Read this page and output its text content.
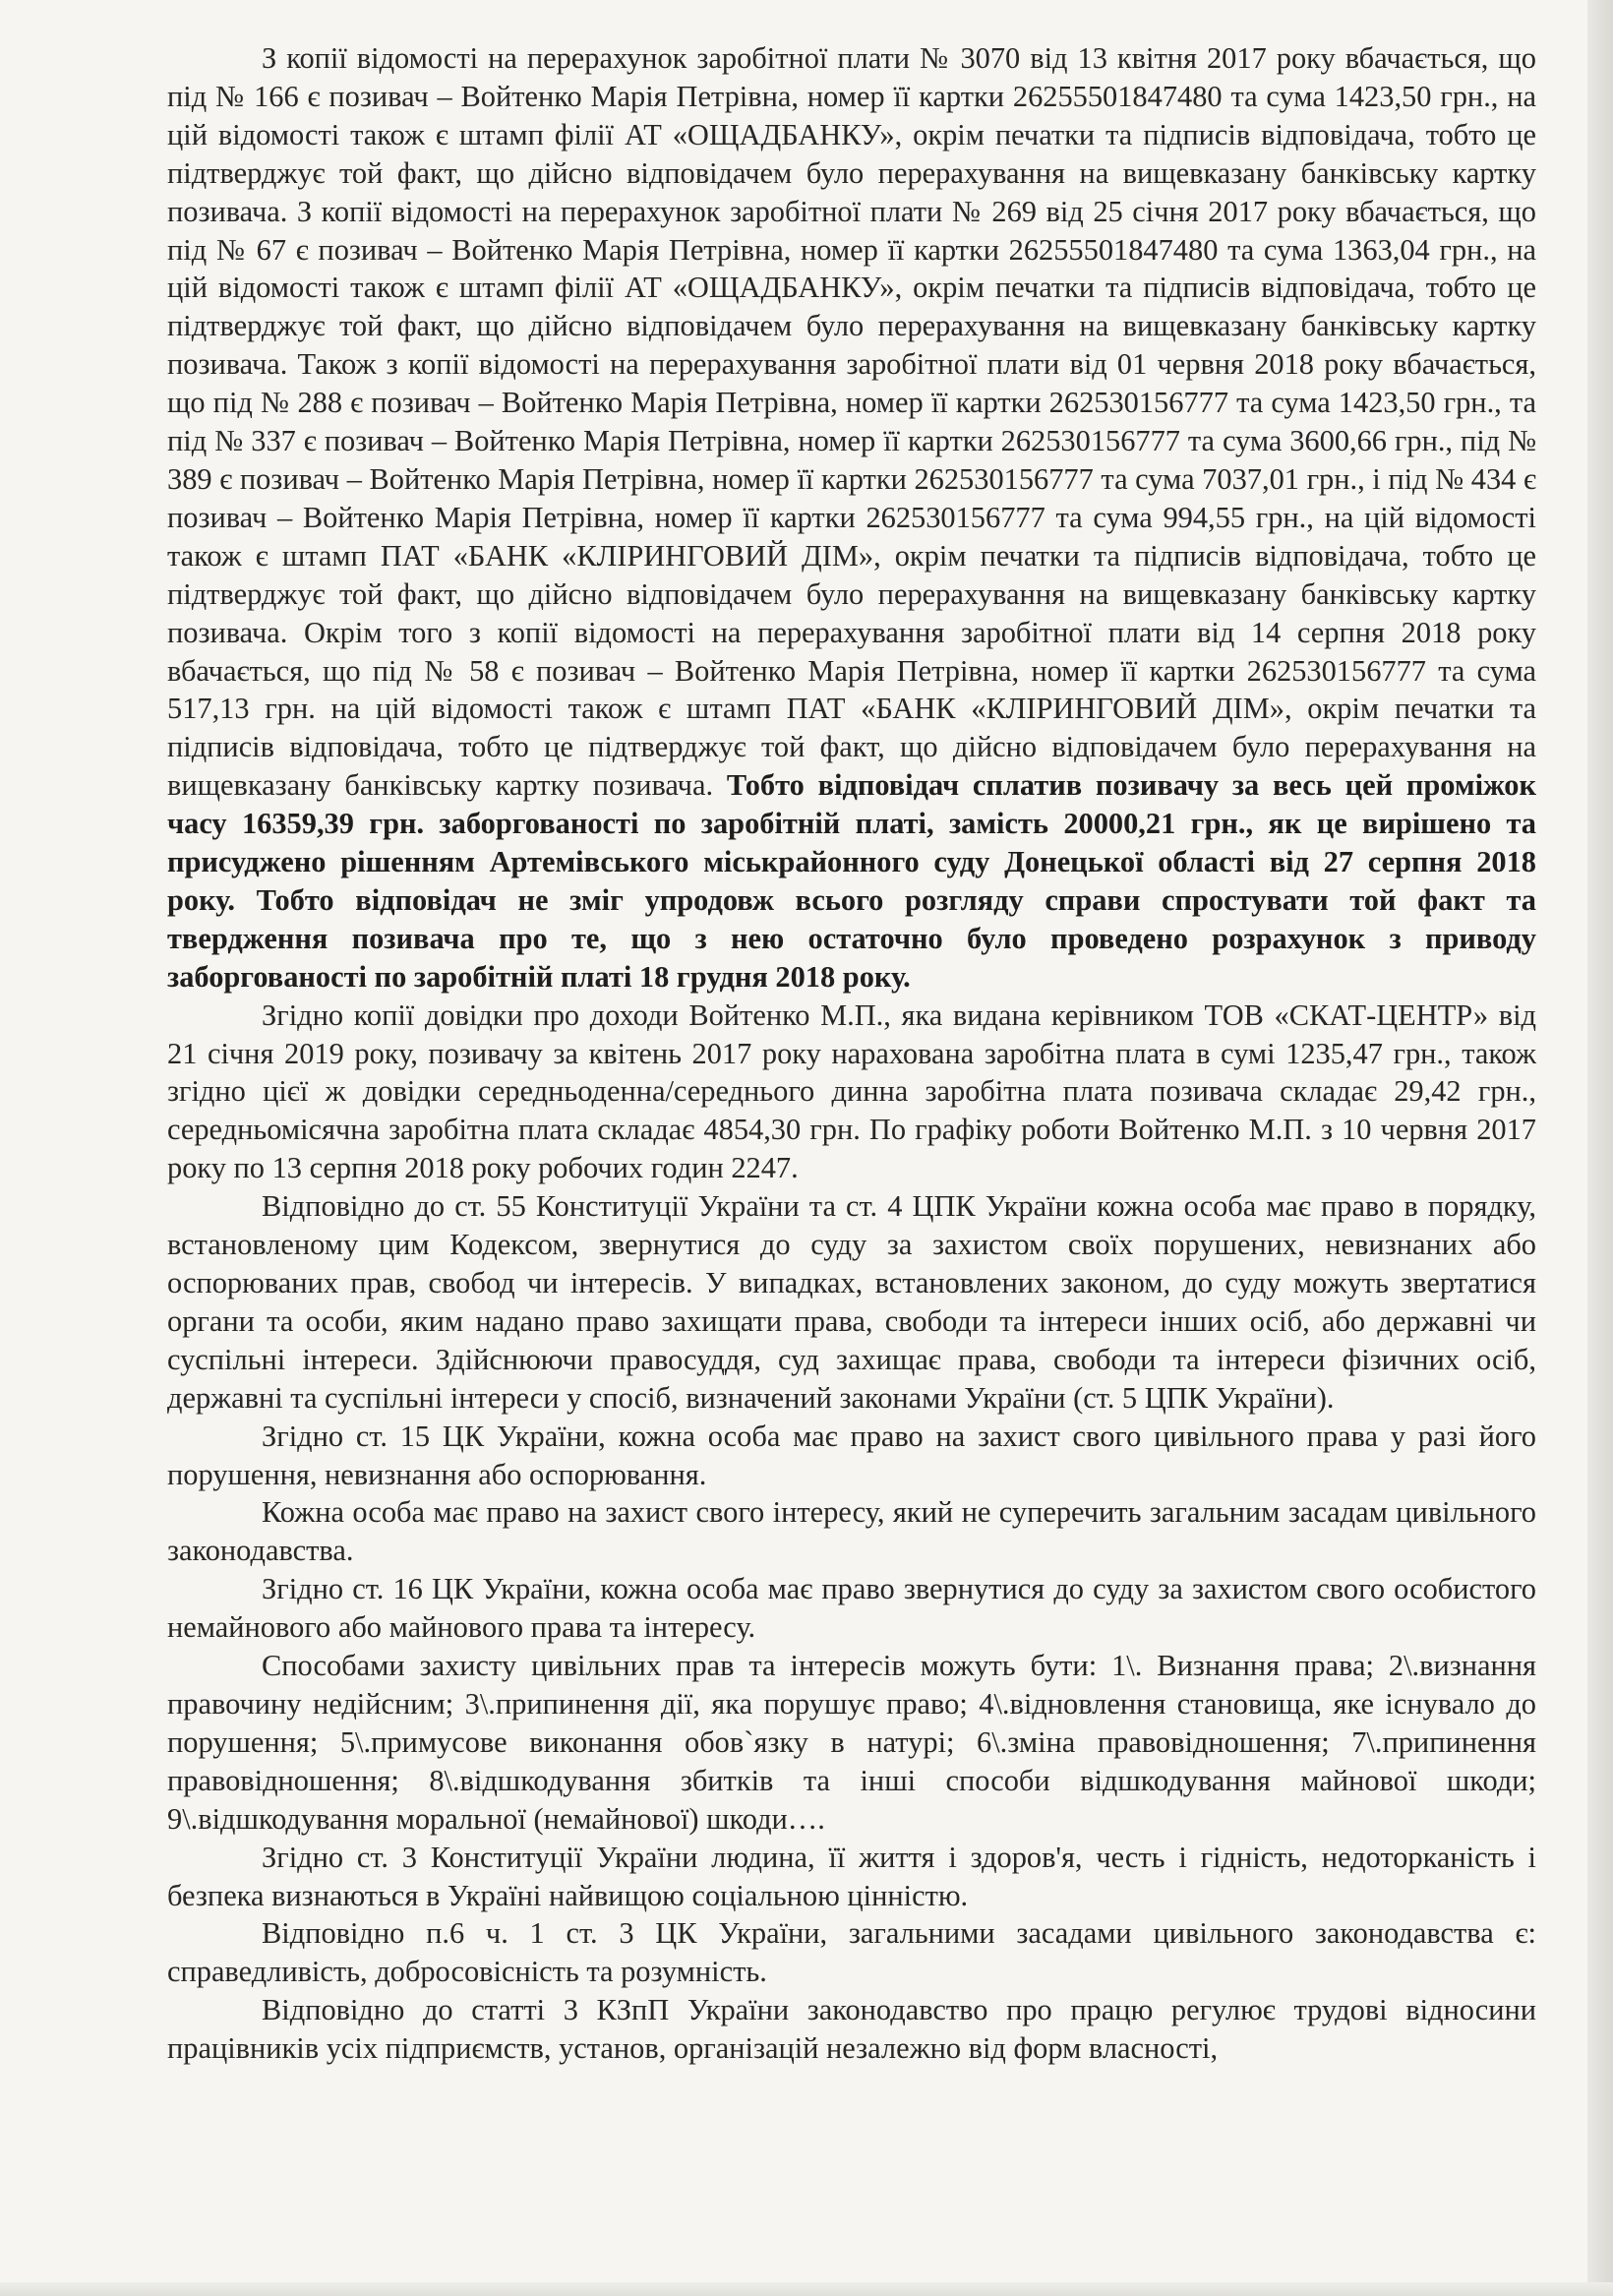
З копії відомості на перерахунок заробітної плати № 3070 від 13 квітня 2017 року вбачається, що під № 166 є позивач – Войтенко Марія Петрівна, номер її картки 26255501847480 та сума 1423,50 грн., на цій відомості також є штамп філії АТ «ОЩАДБАНКУ», окрім печатки та підписів відповідача, тобто це підтверджує той факт, що дійсно відповідачем було перерахування на вищевказану банківську картку позивача. З копії відомості на перерахунок заробітної плати № 269 від 25 січня 2017 року вбачається, що під № 67 є позивач – Войтенко Марія Петрівна, номер її картки 26255501847480 та сума 1363,04 грн., на цій відомості також є штамп філії АТ «ОЩАДБАНКУ», окрім печатки та підписів відповідача, тобто це підтверджує той факт, що дійсно відповідачем було перерахування на вищевказану банківську картку позивача. Також з копії відомості на перерахування заробітної плати від 01 червня 2018 року вбачається, що під № 288 є позивач – Войтенко Марія Петрівна, номер її картки 262530156777 та сума 1423,50 грн., та під № 337 є позивач – Войтенко Марія Петрівна, номер її картки 262530156777 та сума 3600,66 грн., під № 389 є позивач – Войтенко Марія Петрівна, номер її картки 262530156777 та сума 7037,01 грн., і під № 434 є позивач – Войтенко Марія Петрівна, номер її картки 262530156777 та сума 994,55 грн., на цій відомості також є штамп ПАТ «БАНК «КЛІРИНГОВИЙ ДІМ», окрім печатки та підписів відповідача, тобто це підтверджує той факт, що дійсно відповідачем було перерахування на вищевказану банківську картку позивача. Окрім того з копії відомості на перерахування заробітної плати від 14 серпня 2018 року вбачається, що під № 58 є позивач – Войтенко Марія Петрівна, номер її картки 262530156777 та сума 517,13 грн. на цій відомості також є штамп ПАТ «БАНК «КЛІРИНГОВИЙ ДІМ», окрім печатки та підписів відповідача, тобто це підтверджує той факт, що дійсно відповідачем було перерахування на вищевказану банківську картку позивача. Тобто відповідач сплатив позивачу за весь цей проміжок часу 16359,39 грн. заборгованості по заробітній платі, замість 20000,21 грн., як це вирішено та присуджено рішенням Артемівського міськрайонного суду Донецької області від 27 серпня 2018 року. Тобто відповідач не зміг упродовж всього розгляду справи спростувати той факт та твердження позивача про те, що з нею остаточно було проведено розрахунок з приводу заборгованості по заробітній платі 18 грудня 2018 року.

Згідно копії довідки про доходи Войтенко М.П., яка видана керівником ТОВ «СКАТ-ЦЕНТР» від 21 січня 2019 року, позивачу за квітень 2017 року нарахована заробітна плата в сумі 1235,47 грн., також згідно цієї ж довідки середньоденна/середнього динна заробітна плата позивача складає 29,42 грн., середньомісячна заробітна плата складає 4854,30 грн. По графіку роботи Войтенко М.П. з 10 червня 2017 року по 13 серпня 2018 року робочих годин 2247.

Відповідно до ст. 55 Конституції України та ст. 4 ЦПК України кожна особа має право в порядку, встановленому цим Кодексом, звернутися до суду за захистом своїх порушених, невизнаних або оспорюваних прав, свобод чи інтересів. У випадках, встановлених законом, до суду можуть звертатися органи та особи, яким надано право захищати права, свободи та інтереси інших осіб, або державні чи суспільні інтереси. Здійснюючи правосуддя, суд захищає права, свободи та інтереси фізичних осіб, державні та суспільні інтереси у спосіб, визначений законами України (ст. 5 ЦПК України).

Згідно ст. 15 ЦК України, кожна особа має право на захист свого цивільного права у разі його порушення, невизнання або оспорювання.

Кожна особа має право на захист свого інтересу, який не суперечить загальним засадам цивільного законодавства.

Згідно ст. 16 ЦК України, кожна особа має право звернутися до суду за захистом свого особистого немайнового або майнового права та інтересу.

Способами захисту цивільних прав та інтересів можуть бути: 1\. Визнання права; 2\.визнання правочину недійсним; 3\.припинення дії, яка порушує право; 4\.відновлення становища, яке існувало до порушення; 5\.примусове виконання обов`язку в натурі; 6\.зміна правовідношення; 7\.припинення правовідношення; 8\.відшкодування збитків та інші способи відшкодування майнової шкоди; 9\.відшкодування моральної (немайнової) шкоди….

Згідно ст. 3 Конституції України людина, її життя і здоров'я, честь і гідність, недоторканість і безпека визнаються в Україні найвищою соціальною цінністю.

Відповідно п.6 ч. 1 ст. 3 ЦК України, загальними засадами цивільного законодавства є: справедливість, добросовісність та розумність.

Відповідно до статті 3 КЗпП України законодавство про працю регулює трудові відносини працівників усіх підприємств, установ, організацій незалежно від форм власності,
